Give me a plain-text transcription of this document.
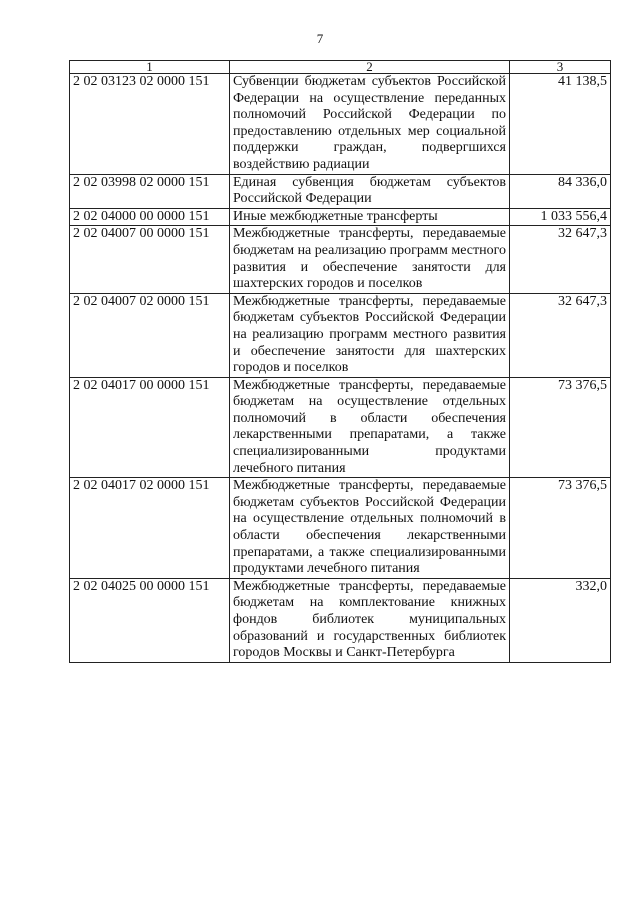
7
1	2	3
2 02 03123 02 0000 151	Субвенции бюджетам субъектов Российской Федерации на осуществление переданных полномочий Российской Федерации по предоставлению отдельных мер социальной поддержки граждан, подвергшихся воздействию радиации	41 138,5
2 02 03998 02 0000 151	Единая субвенция бюджетам субъектов Российской Федерации	84 336,0
2 02 04000 00 0000 151	Иные межбюджетные трансферты	1 033 556,4
2 02 04007 00 0000 151	Межбюджетные трансферты, передаваемые бюджетам на реализацию программ местного развития и обеспечение занятости для шахтерских городов и поселков	32 647,3
2 02 04007 02 0000 151	Межбюджетные трансферты, передаваемые бюджетам субъектов Российской Федерации на реализацию программ местного развития и обеспечение занятости для шахтерских городов и поселков	32 647,3
2 02 04017 00 0000 151	Межбюджетные трансферты, передаваемые бюджетам на осуществление отдельных полномочий в области обеспечения лекарственными препаратами, а также специализированными продуктами лечебного питания	73 376,5
2 02 04017 02 0000 151	Межбюджетные трансферты, передаваемые бюджетам субъектов Российской Федерации на осуществление отдельных полномочий в области обеспечения лекарственными препаратами, а также специализированными продуктами лечебного питания	73 376,5
2 02 04025 00 0000 151	Межбюджетные трансферты, передаваемые бюджетам на комплектование книжных фондов библиотек муниципальных образований и государственных библиотек городов Москвы и Санкт-Петербурга	332,0
